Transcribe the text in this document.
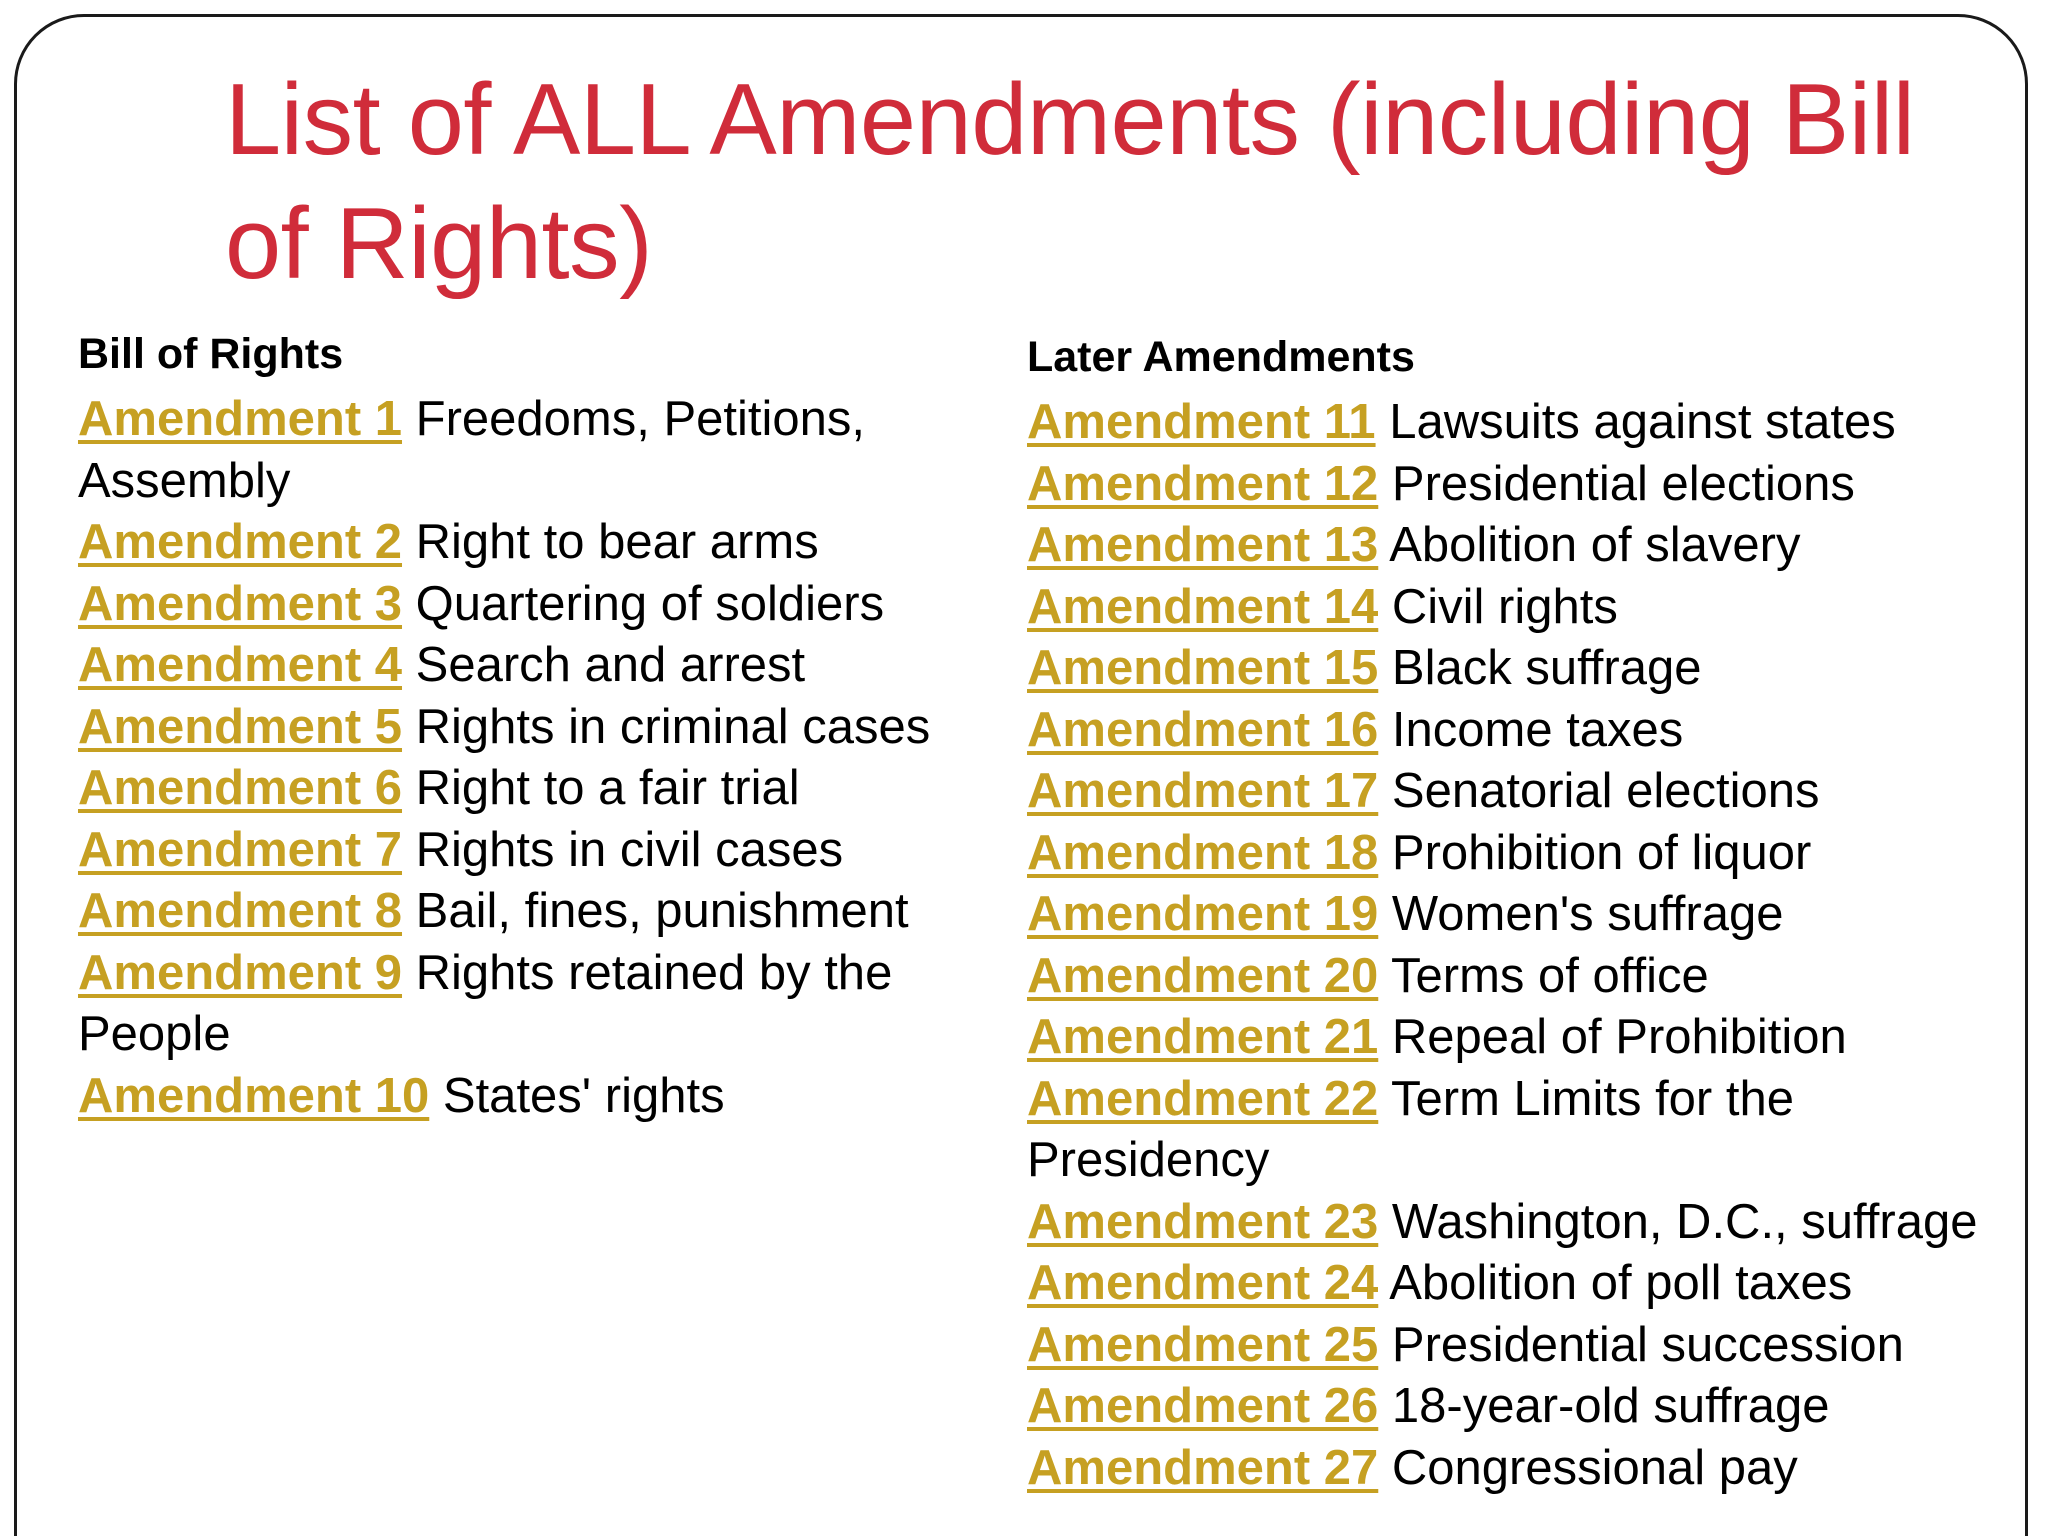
List of ALL Amendments (including Bill of Rights)
Bill of Rights

Amendment 1 Freedoms, Petitions, Assembly

Amendment 2 Right to bear arms

Amendment 3 Quartering of soldiers

Amendment 4 Search and arrest

Amendment 5 Rights in criminal cases

Amendment 6 Right to a fair trial

Amendment 7 Rights in civil cases

Amendment 8 Bail, fines, punishment

Amendment 9 Rights retained by the People

Amendment 10 States' rights

Later Amendments

Amendment 11 Lawsuits against states

Amendment 12 Presidential elections

Amendment 13 Abolition of slavery

Amendment 14 Civil rights

Amendment 15 Black suffrage

Amendment 16 Income taxes

Amendment 17 Senatorial elections

Amendment 18 Prohibition of liquor

Amendment 19 Women's suffrage

Amendment 20 Terms of office

Amendment 21 Repeal of Prohibition

Amendment 22 Term Limits for the Presidency

Amendment 23 Washington, D.C., suffrage

Amendment 24 Abolition of poll taxes

Amendment 25 Presidential succession

Amendment 26 18-year-old suffrage

Amendment 27 Congressional pay
